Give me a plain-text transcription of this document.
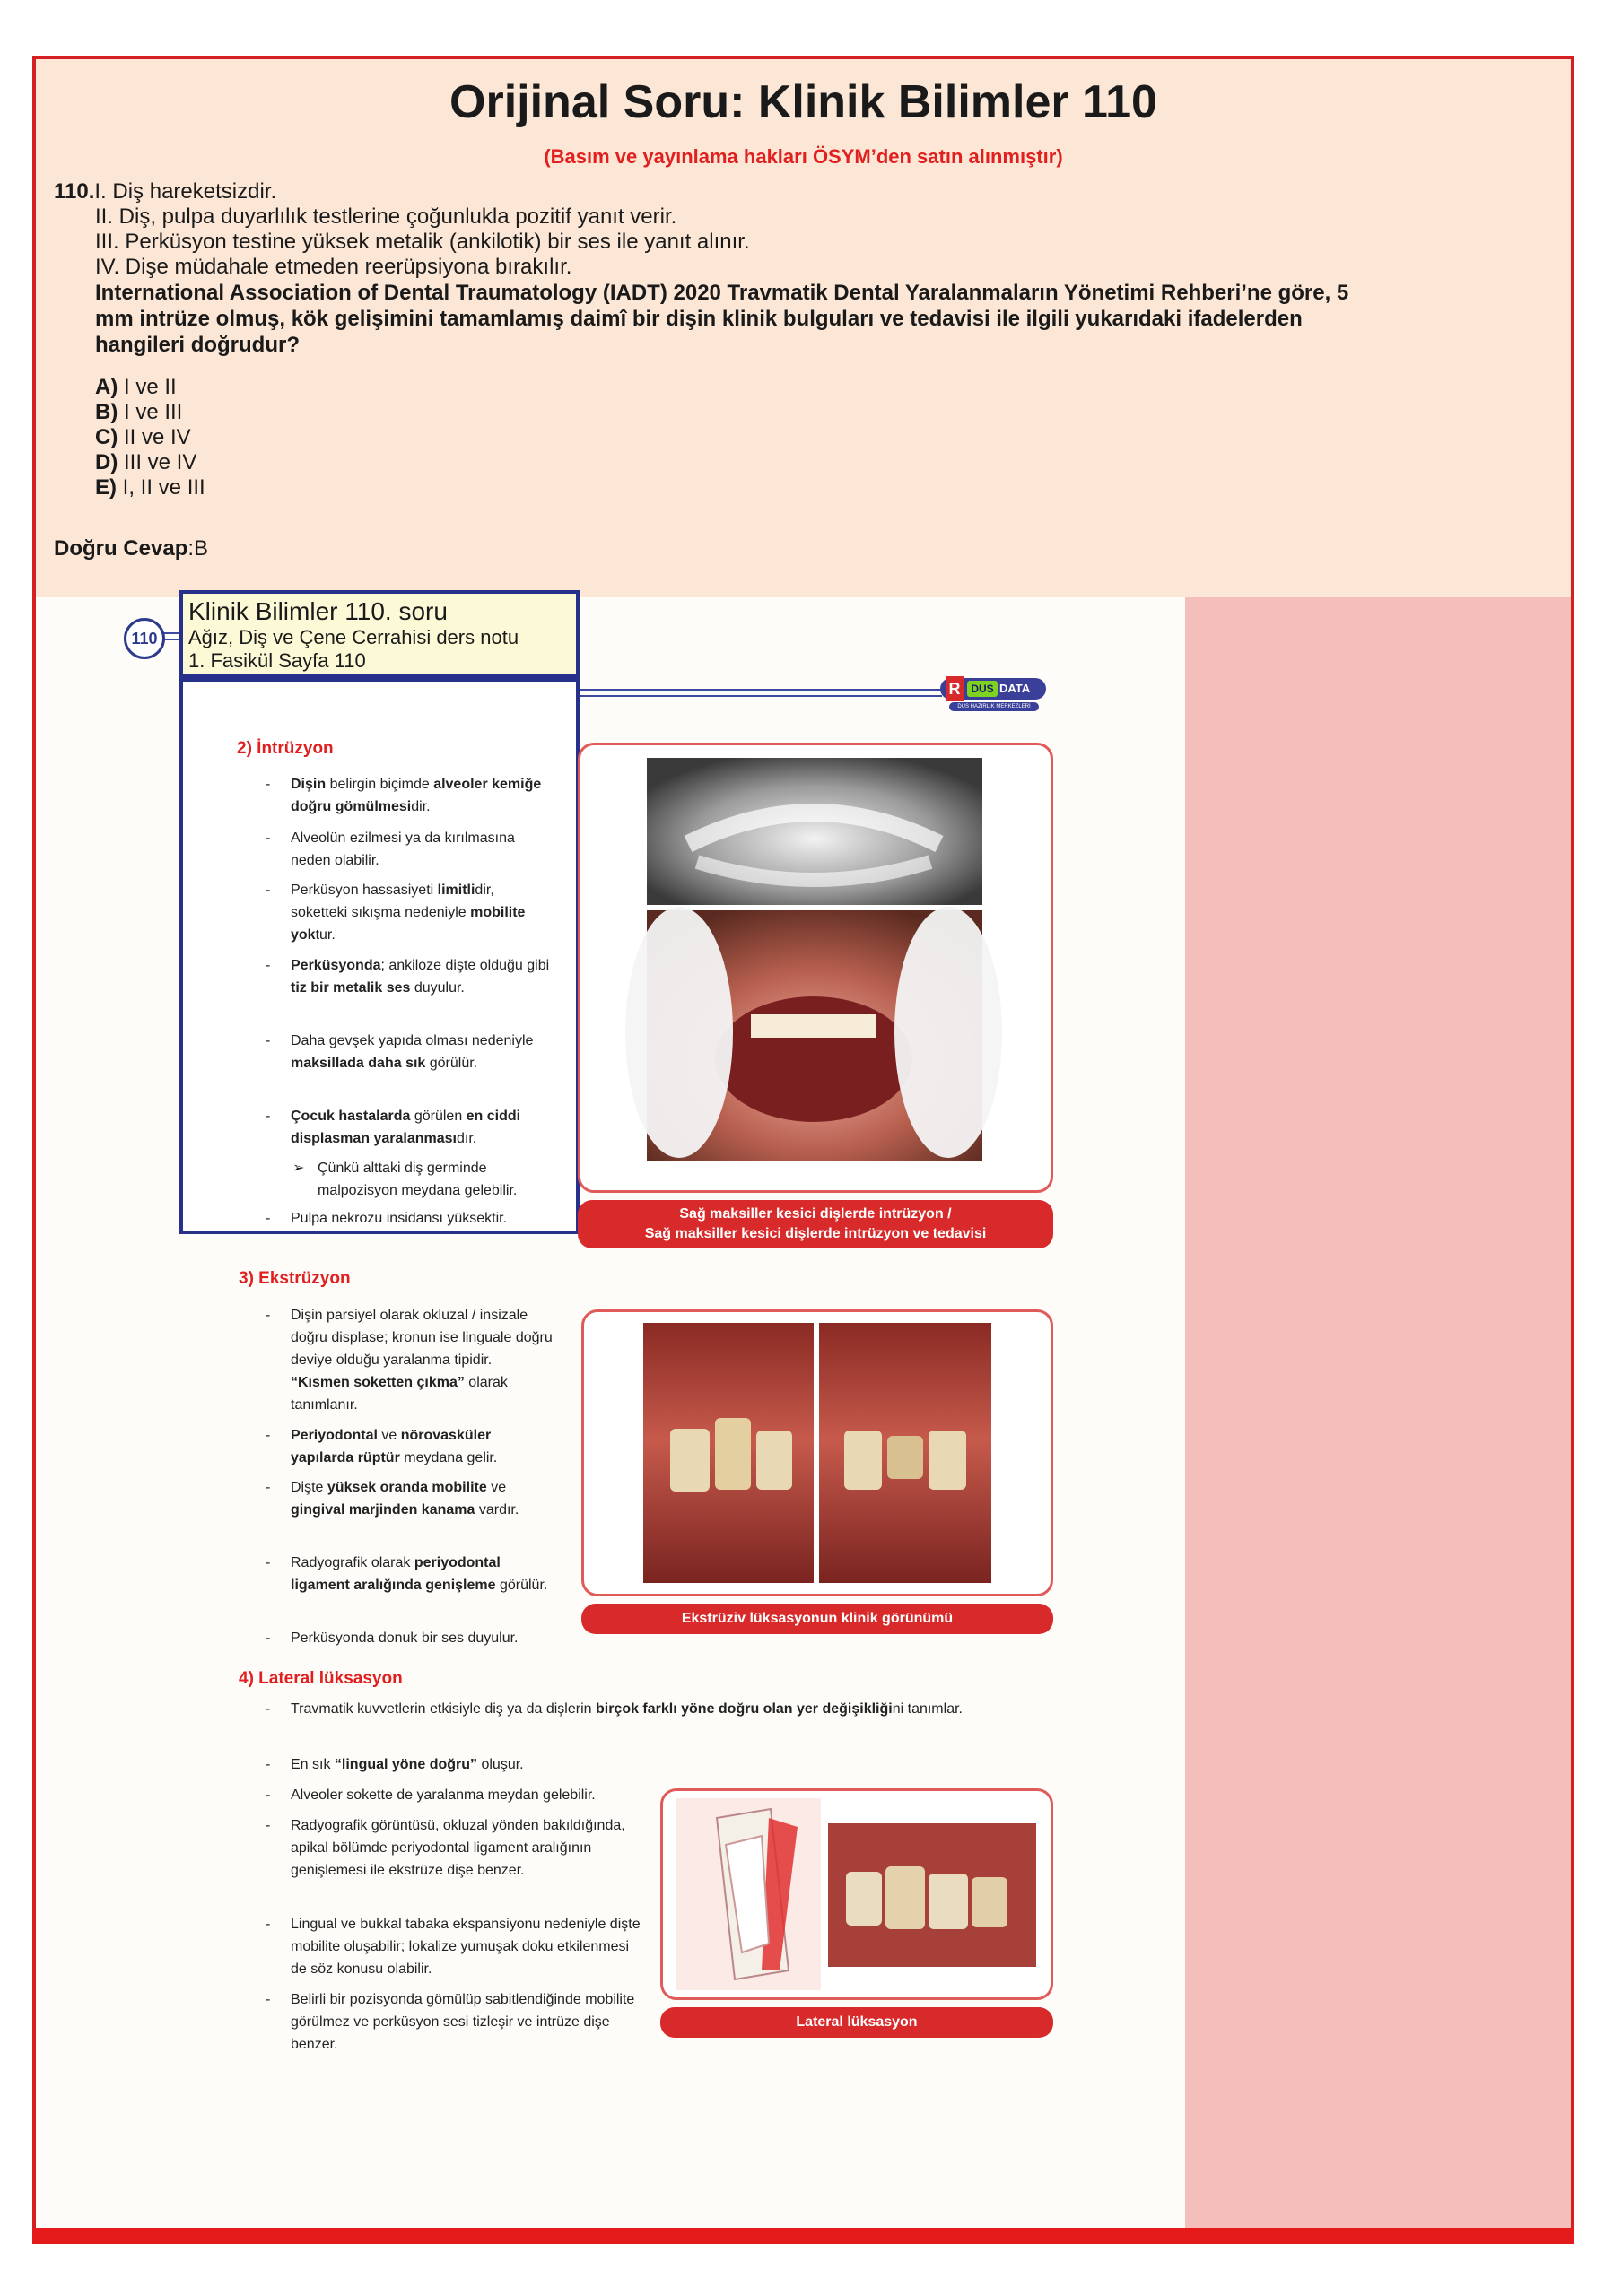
Orijinal Soru: Klinik Bilimler 110
(Basım ve yayınlama hakları ÖSYM’den satın alınmıştır)
110.I. Diş hareketsizdir.
II. Diş, pulpa duyarlılık testlerine çoğunlukla pozitif yanıt verir.
III. Perküsyon testine yüksek metalik (ankilotik) bir ses ile yanıt alınır.
IV. Dişe müdahale etmeden reerüpsiyona bırakılır.
International Association of Dental Traumatology (IADT) 2020 Travmatik Dental Yaralanmaların Yönetimi Rehberi’ne göre, 5
mm intrüze olmuş, kök gelişimini tamamlamış daimî bir dişin klinik bulguları ve tedavisi ile ilgili yukarıdaki ifadelerden
hangileri doğrudur?
A) I ve II
B) I ve III
C) II ve IV
D) III ve IV
E) I, II ve III
Doğru Cevap:B
110
Klinik Bilimler 110. soru
Ağız, Diş ve Çene Cerrahisi ders notu
1. Fasikül Sayfa 110
R DUS DATA
DUS HAZIRLIK MERKEZLERİ
2) İntrüzyon
- Dişin belirgin biçimde alveoler kemiğe doğru gömülmesidir.
- Alveolün ezilmesi ya da kırılmasına neden olabilir.
- Perküsyon hassasiyeti limitlidir, soketteki sıkışma nedeniyle mobilite yoktur.
- Perküsyonda; ankiloze dişte olduğu gibi tiz bir metalik ses duyulur.
- Daha gevşek yapıda olması nedeniyle maksillada daha sık görülür.
- Çocuk hastalarda görülen en ciddi displasman yaralanmasıdır.
➢ Çünkü alttaki diş germinde malpozisyon meydana gelebilir.
- Pulpa nekrozu insidansı yüksektir.	Sağ maksiller kesici dişlerde intrüzyon /
Sağ maksiller kesici dişlerde intrüzyon ve tedavisi
3) Ekstrüzyon
- Dişin parsiyel olarak okluzal / insizale doğru displase; kronun ise linguale doğru deviye olduğu yaralanma tipidir. “Kısmen soketten çıkma” olarak tanımlanır.
- Periyodontal ve nörovasküler yapılarda rüptür meydana gelir.
- Dişte yüksek oranda mobilite ve gingival marjinden kanama vardır.
- Radyografik olarak periyodontal ligament aralığında genişleme görülür.
- Perküsyonda donuk bir ses duyulur.
Ekstrüziv lüksasyonun klinik görünümü
4) Lateral lüksasyon
- Travmatik kuvvetlerin etkisiyle diş ya da dişlerin birçok farklı yöne doğru olan yer değişikliğini tanımlar.
- En sık “lingual yöne doğru” oluşur.
- Alveoler sokette de yaralanma meydan gelebilir.
- Radyografik görüntüsü, okluzal yönden bakıldığında, apikal bölümde periyodontal ligament aralığının genişlemesi ile ekstrüze dişe benzer.
- Lingual ve bukkal tabaka ekspansiyonu nedeniyle dişte mobilite oluşabilir; lokalize yumuşak doku etkilenmesi de söz konusu olabilir.
- Belirli bir pozisyonda gömülüp sabitlendiğinde mobilite görülmez ve perküsyon sesi tizleşir ve intrüze dişe benzer.
Lateral lüksasyon
